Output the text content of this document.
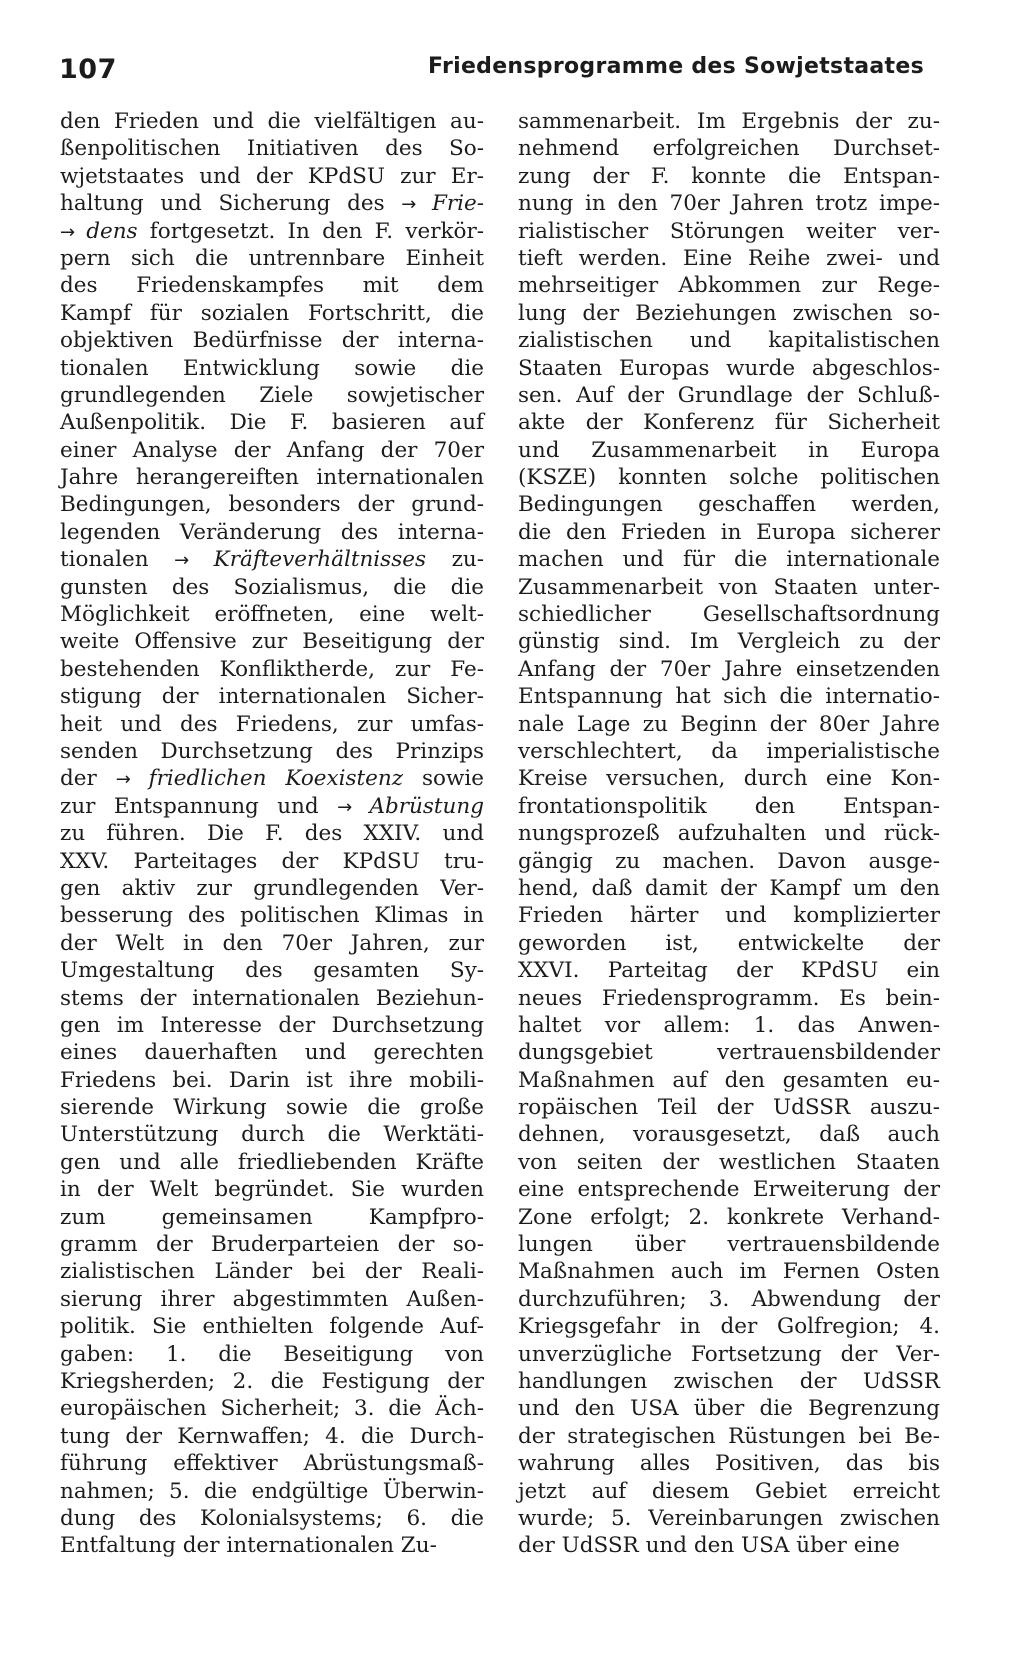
107	Friedensprogramme des Sowjetstaates
den Frieden und die vielfältigen au-
ßenpolitischen Initiativen des So-
wjetstaates und der KPdSU zur Er-
haltung und Sicherung des → Frie-
→ dens fortgesetzt. In den F. verkör-
pern sich die untrennbare Einheit
des Friedenskampfes mit dem
Kampf für sozialen Fortschritt, die
objektiven Bedürfnisse der interna-
tionalen Entwicklung sowie die
grundlegenden Ziele sowjetischer
Außenpolitik. Die F. basieren auf
einer Analyse der Anfang der 70er
Jahre herangereiften internationalen
Bedingungen, besonders der grund-
legenden Veränderung des interna-
tionalen → Kräfteverhältnisses zu-
gunsten des Sozialismus, die die
Möglichkeit eröffneten, eine welt-
weite Offensive zur Beseitigung der
bestehenden Konfliktherde, zur Fe-
stigung der internationalen Sicher-
heit und des Friedens, zur umfas-
senden Durchsetzung des Prinzips
der → friedlichen Koexistenz sowie
zur Entspannung und → Abrüstung
zu führen. Die F. des XXIV. und
XXV. Parteitages der KPdSU tru-
gen aktiv zur grundlegenden Ver-
besserung des politischen Klimas in
der Welt in den 70er Jahren, zur
Umgestaltung des gesamten Sy-
stems der internationalen Beziehun-
gen im Interesse der Durchsetzung
eines dauerhaften und gerechten
Friedens bei. Darin ist ihre mobili-
sierende Wirkung sowie die große
Unterstützung durch die Werktäti-
gen und alle friedliebenden Kräfte
in der Welt begründet. Sie wurden
zum gemeinsamen Kampfpro-
gramm der Bruderparteien der so-
zialistischen Länder bei der Reali-
sierung ihrer abgestimmten Außen-
politik. Sie enthielten folgende Auf-
gaben: 1. die Beseitigung von
Kriegsherden; 2. die Festigung der
europäischen Sicherheit; 3. die Äch-
tung der Kernwaffen; 4. die Durch-
führung effektiver Abrüstungsmaß-
nahmen; 5. die endgültige Überwin-
dung des Kolonialsystems; 6. die
Entfaltung der internationalen Zu-
sammenarbeit. Im Ergebnis der zu-
nehmend erfolgreichen Durchset-
zung der F. konnte die Entspan-
nung in den 70er Jahren trotz impe-
rialistischer Störungen weiter ver-
tieft werden. Eine Reihe zwei- und
mehrseitiger Abkommen zur Rege-
lung der Beziehungen zwischen so-
zialistischen und kapitalistischen
Staaten Europas wurde abgeschlos-
sen. Auf der Grundlage der Schluß-
akte der Konferenz für Sicherheit
und Zusammenarbeit in Europa
(KSZE) konnten solche politischen
Bedingungen geschaffen werden,
die den Frieden in Europa sicherer
machen und für die internationale
Zusammenarbeit von Staaten unter-
schiedlicher Gesellschaftsordnung
günstig sind. Im Vergleich zu der
Anfang der 70er Jahre einsetzenden
Entspannung hat sich die internatio-
nale Lage zu Beginn der 80er Jahre
verschlechtert, da imperialistische
Kreise versuchen, durch eine Kon-
frontationspolitik den Entspan-
nungsprozeß aufzuhalten und rück-
gängig zu machen. Davon ausge-
hend, daß damit der Kampf um den
Frieden härter und komplizierter
geworden ist, entwickelte der
XXVI. Parteitag der KPdSU ein
neues Friedensprogramm. Es bein-
haltet vor allem: 1. das Anwen-
dungsgebiet vertrauensbildender
Maßnahmen auf den gesamten eu-
ropäischen Teil der UdSSR auszu-
dehnen, vorausgesetzt, daß auch
von seiten der westlichen Staaten
eine entsprechende Erweiterung der
Zone erfolgt; 2. konkrete Verhand-
lungen über vertrauensbildende
Maßnahmen auch im Fernen Osten
durchzuführen; 3. Abwendung der
Kriegsgefahr in der Golfregion; 4.
unverzügliche Fortsetzung der Ver-
handlungen zwischen der UdSSR
und den USA über die Begrenzung
der strategischen Rüstungen bei Be-
wahrung alles Positiven, das bis
jetzt auf diesem Gebiet erreicht
wurde; 5. Vereinbarungen zwischen
der UdSSR und den USA über eine
